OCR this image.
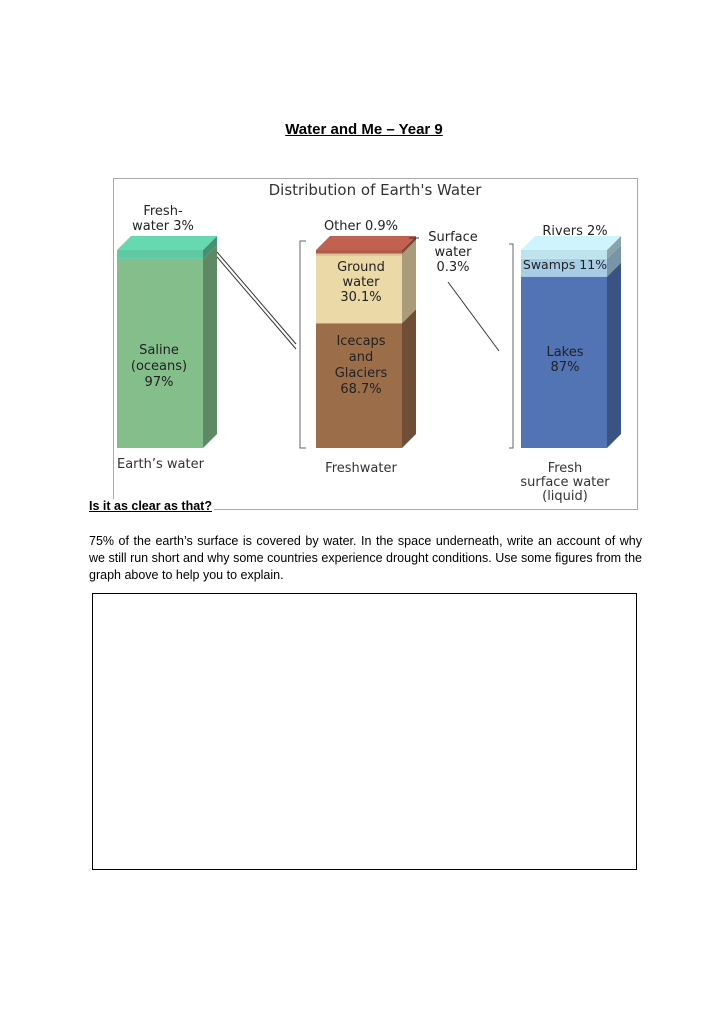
Water and Me – Year 9
Distribution of Earth's Water
Earth’s water	Freshwater	Fresh surface water (liquid)
Saline (oceans) 97%
Fresh-water 3%
Icecaps and Glaciers 68.7%
Ground water 30.1%
Surface water 0.3%
Other 0.9%
Lakes 87%
Swamps 11%
Rivers 2%
Is it as clear as that?
75% of the earth’s surface is covered by water. In the space underneath, write an account of why we still run short and why some countries experience drought conditions. Use some figures from the graph above to help you to explain.
